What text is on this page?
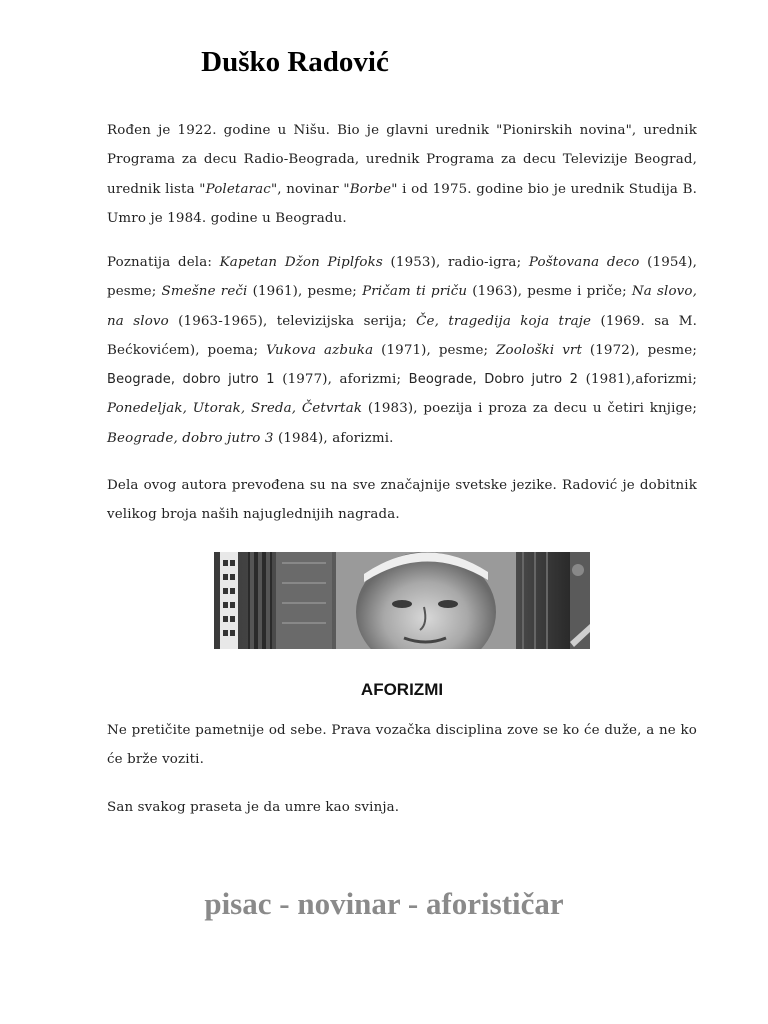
Duško Radović

Rođen je 1922. godine u Nišu. Bio je glavni urednik "Pionirskih novina", urednik Programa za decu Radio-Beograda, urednik Programa za decu Televizije Beograd, urednik lista "Poletarac", novinar "Borbe" i od 1975. godine bio je urednik Studija B. Umro je 1984. godine u Beogradu.

Poznatija dela: Kapetan Džon Piplfoks (1953), radio-igra; Poštovana deco (1954), pesme; Smešne reči (1961), pesme; Pričam ti priču (1963), pesme i priče; Na slovo, na slovo (1963-1965), televizijska serija; Če, tragedija koja traje (1969. sa M. Bećkovićem), poema; Vukova azbuka (1971), pesme; Zoološki vrt (1972), pesme; Beograde, dobro jutro 1 (1977), aforizmi; Beograde, Dobro jutro 2 (1981),aforizmi; Ponedeljak, Utorak, Sreda, Četvrtak (1983), poezija i proza za decu u četiri knjige; Beograde, dobro jutro 3 (1984), aforizmi.

Dela ovog autora prevođena su na sve značajnije svetske jezike. Radović je dobitnik velikog broja naših najuglednijih nagrada.

AFORIZMI

Ne pretičite pametnije od sebe. Prava vozačka disciplina zove se ko će duže, a ne ko će brže voziti.

San svakog praseta je da umre kao svinja.

pisac - novinar - aforističar
